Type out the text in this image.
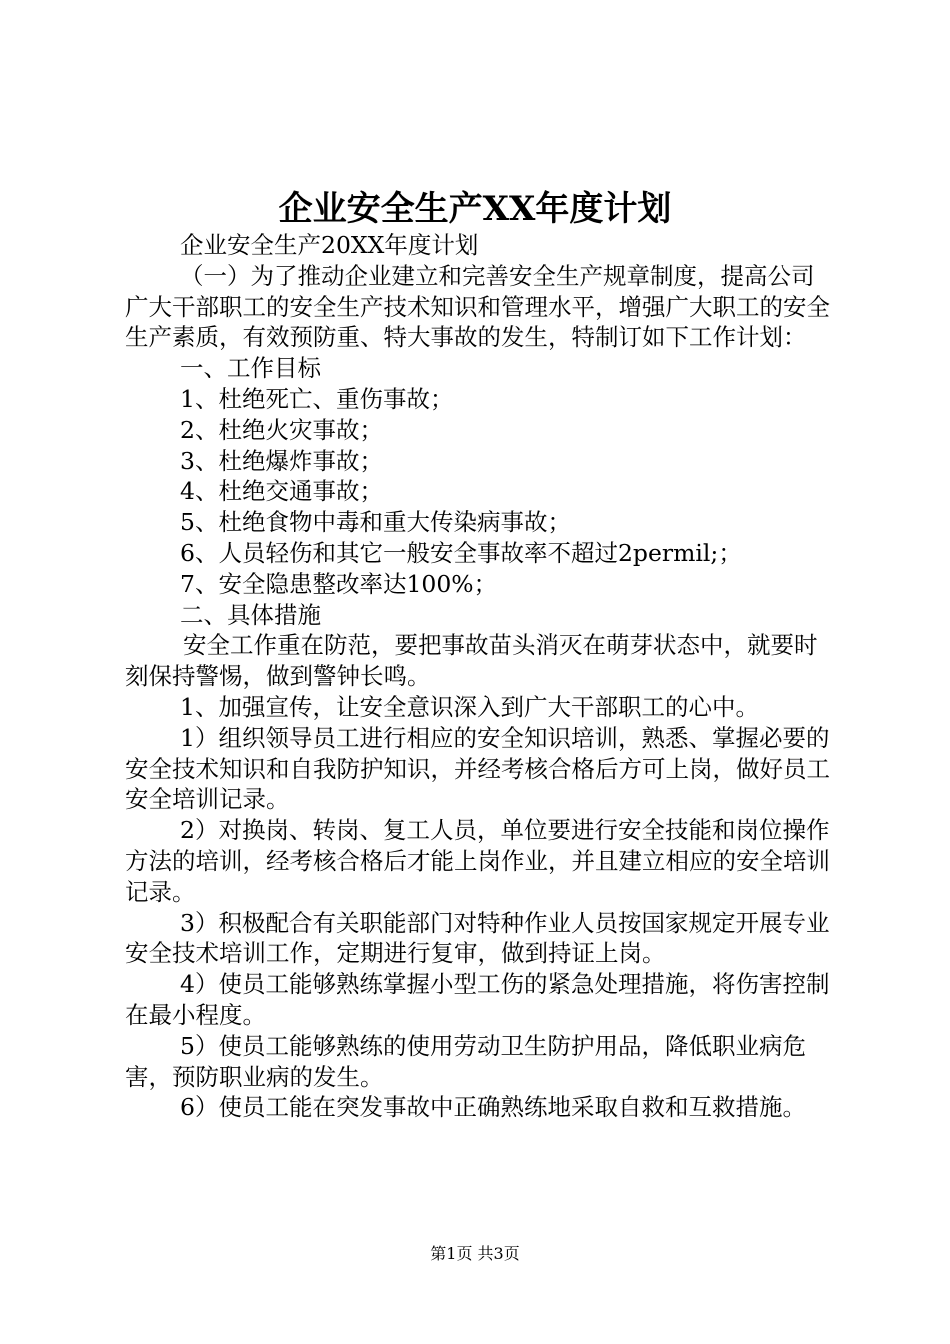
企业安全生产XX年度计划

企业安全生产20XX年度计划

（一）为了推动企业建立和完善安全生产规章制度，提高公司广大干部职工的安全生产技术知识和管理水平，增强广大职工的安全生产素质，有效预防重、特大事故的发生，特制订如下工作计划：

一、工作目标

1、杜绝死亡、重伤事故；

2、杜绝火灾事故；

3、杜绝爆炸事故；

4、杜绝交通事故；

5、杜绝食物中毒和重大传染病事故；

6、人员轻伤和其它一般安全事故率不超过2permil;；

7、安全隐患整改率达100%；

二、具体措施

安全工作重在防范，要把事故苗头消灭在萌芽状态中，就要时刻保持警惕，做到警钟长鸣。

1、加强宣传，让安全意识深入到广大干部职工的心中。

1）组织领导员工进行相应的安全知识培训，熟悉、掌握必要的安全技术知识和自我防护知识，并经考核合格后方可上岗，做好员工安全培训记录。

2）对换岗、转岗、复工人员，单位要进行安全技能和岗位操作方法的培训，经考核合格后才能上岗作业，并且建立相应的安全培训记录。

3）积极配合有关职能部门对特种作业人员按国家规定开展专业安全技术培训工作，定期进行复审，做到持证上岗。

4）使员工能够熟练掌握小型工伤的紧急处理措施，将伤害控制在最小程度。

5）使员工能够熟练的使用劳动卫生防护用品，降低职业病危害，预防职业病的发生。

6）使员工能在突发事故中正确熟练地采取自救和互救措施。

第1页 共3页
